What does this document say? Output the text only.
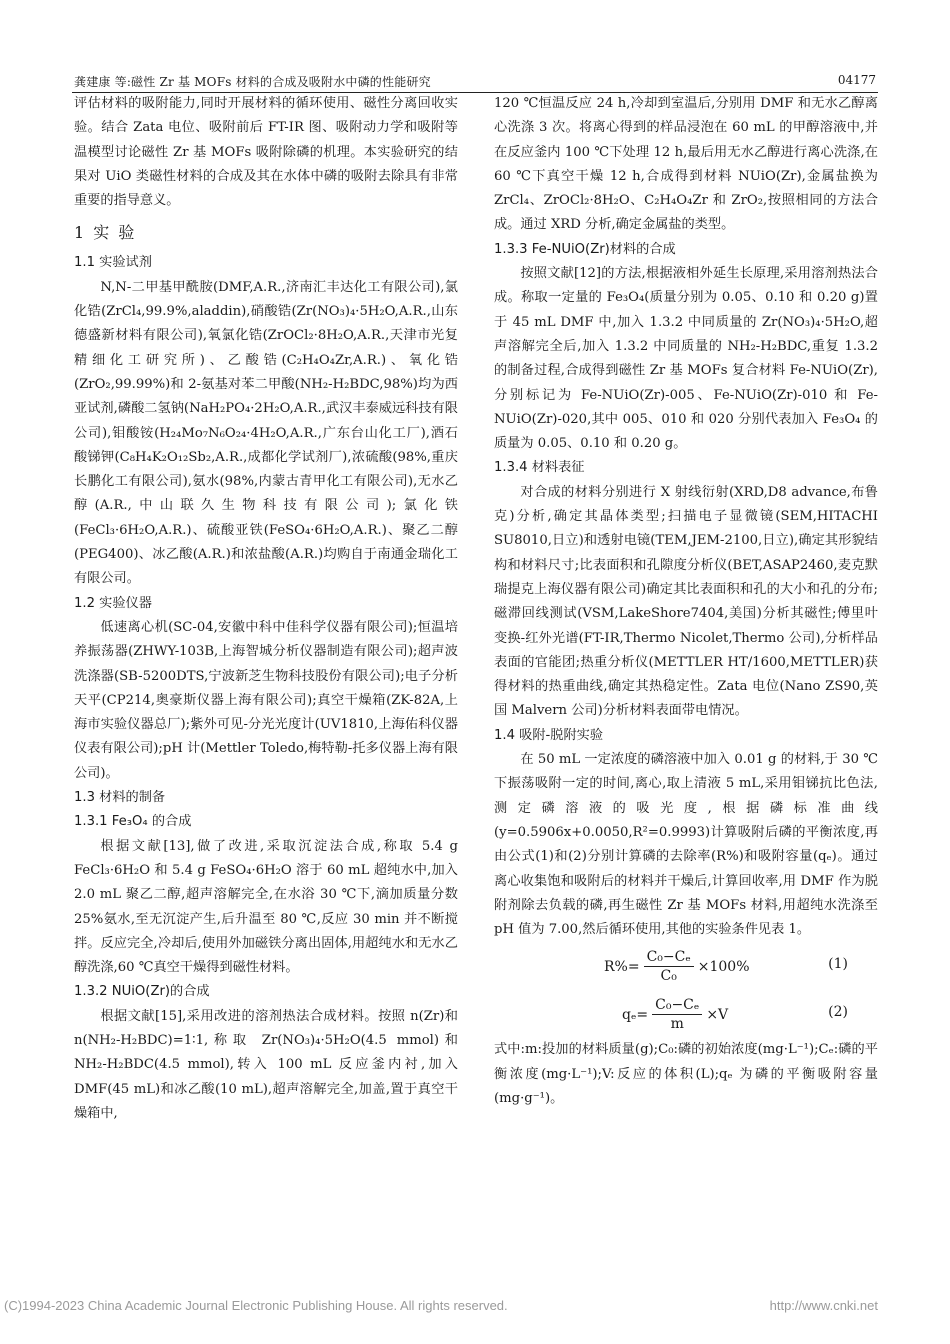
龚建康 等:磁性 Zr 基 MOFs 材料的合成及吸附水中磷的性能研究	04177

评估材料的吸附能力,同时开展材料的循环使用、磁性分离回收实验。结合 Zata 电位、吸附前后 FT-IR 图、吸附动力学和吸附等温模型讨论磁性 Zr 基 MOFs 吸附除磷的机理。本实验研究的结果对 UiO 类磁性材料的合成及其在水体中磷的吸附去除具有非常重要的指导意义。

1 实 验
1.1 实验试剂

N,N-二甲基甲酰胺(DMF,A.R.,济南汇丰达化工有限公司),氯化锆(ZrCl₄,99.9%,aladdin),硝酸锆(Zr(NO₃)₄·5H₂O,A.R.,山东德盛新材料有限公司),氧氯化锆(ZrOCl₂·8H₂O,A.R.,天津市光复精细化工研究所)、乙酸锆(C₂H₄O₄Zr,A.R.)、氧化锆(ZrO₂,99.99%)和 2-氨基对苯二甲酸(NH₂-H₂BDC,98%)均为西亚试剂,磷酸二氢钠(NaH₂PO₄·2H₂O,A.R.,武汉丰泰威远科技有限公司),钼酸铵(H₂₄Mo₇N₆O₂₄·4H₂O,A.R.,广东台山化工厂),酒石酸锑钾(C₈H₄K₂O₁₂Sb₂,A.R.,成都化学试剂厂),浓硫酸(98%,重庆长鹏化工有限公司),氨水(98%,内蒙古青甲化工有限公司),无水乙醇(A.R.,中山联久生物科技有限公司);氯化铁(FeCl₃·6H₂O,A.R.)、硫酸亚铁(FeSO₄·6H₂O,A.R.)、聚乙二醇(PEG400)、冰乙酸(A.R.)和浓盐酸(A.R.)均购自于南通金瑞化工有限公司。

1.2 实验仪器

低速离心机(SC-04,安徽中科中佳科学仪器有限公司);恒温培养振荡器(ZHWY-103B,上海智城分析仪器制造有限公司);超声波洗涤器(SB-5200DTS,宁波新芝生物科技股份有限公司);电子分析天平(CP214,奥豪斯仪器上海有限公司);真空干燥箱(ZK-82A,上海市实验仪器总厂);紫外可见-分光光度计(UV1810,上海佑科仪器仪表有限公司);pH 计(Mettler Toledo,梅特勒-托多仪器上海有限公司)。

1.3 材料的制备
1.3.1 Fe₃O₄ 的合成

根据文献[13],做了改进,采取沉淀法合成,称取 5.4 g FeCl₃·6H₂O 和 5.4 g FeSO₄·6H₂O 溶于 60 mL 超纯水中,加入 2.0 mL 聚乙二醇,超声溶解完全,在水浴 30 ℃下,滴加质量分数 25%氨水,至无沉淀产生,后升温至 80 ℃,反应 30 min 并不断搅拌。反应完全,冷却后,使用外加磁铁分离出固体,用超纯水和无水乙醇洗涤,60 ℃真空干燥得到磁性材料。

1.3.2 NUiO(Zr)的合成

根据文献[15],采用改进的溶剂热法合成材料。按照 n(Zr)和 n(NH₂-H₂BDC)=1∶1,称取 Zr(NO₃)₄·5H₂O(4.5 mmol)和 NH₂-H₂BDC(4.5 mmol),转入 100 mL 反应釜内衬,加入 DMF(45 mL)和冰乙酸(10 mL),超声溶解完全,加盖,置于真空干燥箱中,

120 ℃恒温反应 24 h,冷却到室温后,分别用 DMF 和无水乙醇离心洗涤 3 次。将离心得到的样品浸泡在 60 mL 的甲醇溶液中,并在反应釜内 100 ℃下处理 12 h,最后用无水乙醇进行离心洗涤,在 60 ℃下真空干燥 12 h,合成得到材料 NUiO(Zr),金属盐换为 ZrCl₄、ZrOCl₂·8H₂O、C₂H₄O₄Zr 和 ZrO₂,按照相同的方法合成。通过 XRD 分析,确定金属盐的类型。

1.3.3 Fe-NUiO(Zr)材料的合成

按照文献[12]的方法,根据液相外延生长原理,采用溶剂热法合成。称取一定量的 Fe₃O₄(质量分别为 0.05、0.10 和 0.20 g)置于 45 mL DMF 中,加入 1.3.2 中同质量的 Zr(NO₃)₄·5H₂O,超声溶解完全后,加入 1.3.2 中同质量的 NH₂-H₂BDC,重复 1.3.2 的制备过程,合成得到磁性 Zr 基 MOFs 复合材料 Fe-NUiO(Zr),分别标记为 Fe-NUiO(Zr)-005、Fe-NUiO(Zr)-010 和 Fe-NUiO(Zr)-020,其中 005、010 和 020 分别代表加入 Fe₃O₄ 的质量为 0.05、0.10 和 0.20 g。

1.3.4 材料表征

对合成的材料分别进行 X 射线衍射(XRD,D8 advance,布鲁克)分析,确定其晶体类型;扫描电子显微镜(SEM,HITACHI SU8010,日立)和透射电镜(TEM,JEM-2100,日立),确定其形貌结构和材料尺寸;比表面积和孔隙度分析仪(BET,ASAP2460,麦克默瑞提克上海仪器有限公司)确定其比表面积和孔的大小和孔的分布;磁滞回线测试(VSM,LakeShore7404,美国)分析其磁性;傅里叶变换-红外光谱(FT-IR,Thermo Nicolet,Thermo 公司),分析样品表面的官能团;热重分析仪(METTLER HT/1600,METTLER)获得材料的热重曲线,确定其热稳定性。Zata 电位(Nano ZS90,英国 Malvern 公司)分析材料表面带电情况。

1.4 吸附-脱附实验

在 50 mL 一定浓度的磷溶液中加入 0.01 g 的材料,于 30 ℃下振荡吸附一定的时间,离心,取上清液 5 mL,采用钼锑抗比色法,测定磷溶液的吸光度,根据磷标准曲线(y=0.5906x+0.0050,R²=0.9993)计算吸附后磷的平衡浓度,再由公式(1)和(2)分别计算磷的去除率(R%)和吸附容量(qₑ)。通过离心收集饱和吸附后的材料并干燥后,计算回收率,用 DMF 作为脱附剂除去负载的磷,再生磁性 Zr 基 MOFs 材料,用超纯水洗涤至 pH 值为 7.00,然后循环使用,其他的实验条件见表 1。

$R\%= \frac{\text{C₀−Cₑ}}{\text{C₀}} \times 100\%$	(1)
$q_e= \frac{\text{C₀−Cₑ}}{m} \times V$	(2)

式中:m:投加的材料质量(g);C₀:磷的初始浓度(mg·L⁻¹);Cₑ:磷的平衡浓度(mg·L⁻¹);V:反应的体积(L);qₑ 为磷的平衡吸附容量(mg·g⁻¹)。

(C)1994-2023 China Academic Journal Electronic Publishing House. All rights reserved.	http://www.cnki.net
